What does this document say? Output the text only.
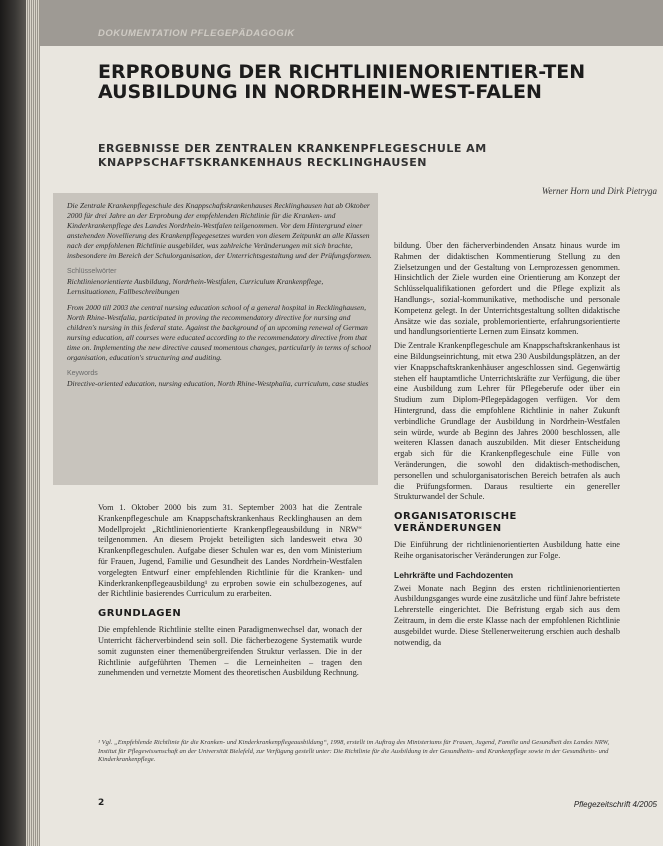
DOKUMENTATION PFLEGEPÄDAGOGIK
ERPROBUNG DER RICHTLINIENORIENTIER-TEN AUSBILDUNG IN NORDRHEIN-WEST-FALEN
ERGEBNISSE DER ZENTRALEN KRANKENPFLEGESCHULE AM KNAPPSCHAFTSKRANKENHAUS RECKLINGHAUSEN
Werner Horn und Dirk Pietryga

Die Zentrale Krankenpflegeschule des Knappschaftskrankenhauses Recklinghausen hat ab Oktober 2000 für drei Jahre an der Erprobung der empfehlenden Richtlinie für die Kranken- und Kinderkrankenpflege des Landes Nordrhein-Westfalen teilgenommen. Vor dem Hintergrund einer anstehenden Novellierung des Krankenpflegegesetzes wurden von diesem Zeitpunkt an alle Klassen nach der empfohlenen Richtlinie ausgebildet, was zahlreiche Veränderungen mit sich brachte, insbesondere im Bereich der Schulorganisation, der Unterrichtsgestaltung und der Prüfungsformen.

Schlüsselwörter

Richtlinienorientierte Ausbildung, Nordrhein-Westfalen, Curriculum Krankenpflege, Lernsituationen, Fallbeschreibungen

From 2000 till 2003 the central nursing education school of a general hospital in Recklinghausen, North Rhine-Westfalia, participated in proving the recommendatory directive for nursing and children's nursing in this federal state. Against the background of an upcoming renewal of German nursing education, all courses were educated according to the recommendatory directive from that time on. Implementing the new directive caused momentous changes, particularly in terms of school organisation, education's structuring and auditing.

Keywords

Directive-oriented education, nursing education, North Rhine-Westphalia, curriculum, case studies

Vom 1. Oktober 2000 bis zum 31. September 2003 hat die Zentrale Krankenpflegeschule am Knappschaftskrankenhaus Recklinghausen an dem Modellprojekt „Richtlinienorientierte Krankenpflegeausbildung in NRW“ teilgenommen. An diesem Projekt beteiligten sich landesweit etwa 30 Krankenpflegeschulen. Aufgabe dieser Schulen war es, den vom Ministerium für Frauen, Jugend, Familie und Gesundheit des Landes Nordrhein-Westfalen vorgelegten Entwurf einer empfehlenden Richtlinie für die Kranken- und Kinderkrankenpflegeausbildung¹ zu erproben sowie ein schulbezogenes, auf der Richtlinie basierendes Curriculum zu erarbeiten.

GRUNDLAGEN

Die empfehlende Richtlinie stellte einen Paradigmenwechsel dar, wonach der Unterricht fächerverbindend sein soll. Die fächerbezogene Systematik wurde somit zugunsten einer themenübergreifenden Struktur verlassen. Die in der Richtlinie aufgeführten Themen – die Lerneinheiten – tragen den zunehmenden und vernetzte Moment des theoretischen Ausbildung Rechnung.

bildung. Über den fächerverbindenden Ansatz hinaus wurde im Rahmen der didaktischen Kommentierung Stellung zu den Zielsetzungen und der Gestaltung von Lernprozessen genommen. Hinsichtlich der Ziele wurden eine Orientierung am Konzept der Schlüsselqualifikationen gefordert und die Pflege explizit als Handlungs-, sozial-kommunikative, methodische und personale Kompetenz gelegt. In der Unterrichtsgestaltung sollten didaktische Ansätze wie das soziale, problemorientierte, erfahrungsorientierte und handlungsorientierte Lernen zum Einsatz kommen.

Die Zentrale Krankenpflegeschule am Knappschaftskrankenhaus ist eine Bildungseinrichtung, mit etwa 230 Ausbildungsplätzen, an der vier Knappschaftskrankenhäuser angeschlossen sind. Gegenwärtig stehen elf hauptamtliche Unterrichtskräfte zur Verfügung, die über eine Ausbildung zum Lehrer für Pflegeberufe oder über ein Studium zum Diplom-Pflegepädagogen verfügen. Vor dem Hintergrund, dass die empfohlene Richtlinie in naher Zukunft verbindliche Grundlage der Ausbildung in Nordrhein-Westfalen sein würde, wurde ab Beginn des Jahres 2000 beschlossen, alle weiteren Klassen danach auszubilden. Mit dieser Entscheidung ergab sich für die Krankenpflegeschule eine Fülle von Veränderungen, die sowohl den didaktisch-methodischen, personellen und schulorganisatorischen Bereich betrafen als auch die Prüfungsformen. Daraus resultierte ein genereller Strukturwandel der Schule.

ORGANISATORISCHE VERÄNDERUNGEN

Die Einführung der richtlinienorientierten Ausbildung hatte eine Reihe organisatorischer Veränderungen zur Folge.

Lehrkräfte und Fachdozenten

Zwei Monate nach Beginn des ersten richtlinienorientierten Ausbildungsganges wurde eine zusätzliche und fünf Jahre befristete Lehrerstelle eingerichtet. Die Befristung ergab sich aus dem Zeitraum, in dem die erste Klasse nach der empfohlenen Richtlinie ausgebildet wurde. Diese Stellenerweiterung erschien auch deshalb notwendig, da

¹ Vgl. „Empfehlende Richtlinie für die Kranken- und Kinderkrankenpflegeausbildung“, 1998, erstellt im Auftrag des Ministeriums für Frauen, Jugend, Familie und Gesundheit des Landes NRW, Institut für Pflegewissenschaft an der Universität Bielefeld, zur Verfügung gestellt unter: Die Richtlinie für die Ausbildung in der Gesundheits- und Krankenpflege sowie in der Gesundheits- und Kinderkrankenpflege.
2	Pflegezeitschrift 4/2005
